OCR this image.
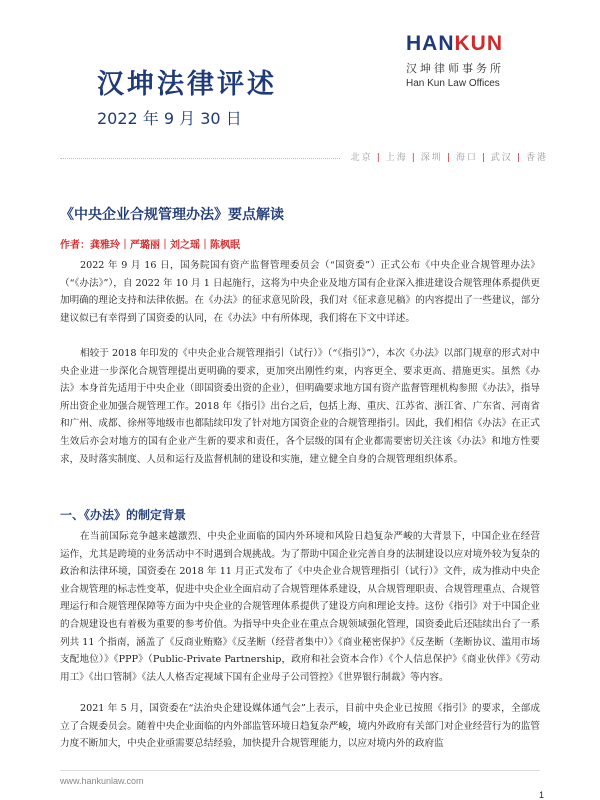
汉坤法律评述
2022 年 9 月 30 日
HANKUN
汉坤律师事务所
Han Kun Law Offices
北京 | 上海 | 深圳 | 海口 | 武汉 | 香港
《中央企业合规管理办法》要点解读
作者：龚雅玲｜严璐丽｜刘之瑶｜陈枫眠

2022 年 9 月 16 日，国务院国有资产监督管理委员会（“国资委”）正式公布《中央企业合规管理办法》（“《办法》”），自 2022 年 10 月 1 日起施行，这将为中央企业及地方国有企业深入推进建设合规管理体系提供更加明确的理论支持和法律依据。在《办法》的征求意见阶段，我们对《征求意见稿》的内容提出了一些建议，部分建议似已有幸得到了国资委的认同，在《办法》中有所体现，我们将在下文中详述。

相较于 2018 年印发的《中央企业合规管理指引（试行）》（“《指引》”），本次《办法》以部门规章的形式对中央企业进一步深化合规管理提出更明确的要求，更加突出刚性约束，内容更全、要求更高、措施更实。虽然《办法》本身首先适用于中央企业（即国资委出资的企业），但明确要求地方国有资产监督管理机构参照《办法》，指导所出资企业加强合规管理工作。2018 年《指引》出台之后，包括上海、重庆、江苏省、浙江省、广东省、河南省和广州、成都、徐州等地级市也都陆续印发了针对地方国资企业的合规管理指引。因此，我们相信《办法》在正式生效后亦会对地方的国有企业产生新的要求和责任，各个层级的国有企业都需要密切关注该《办法》和地方性要求，及时落实制度、人员和运行及监督机制的建设和实施，建立健全自身的合规管理组织体系。

一、《办法》的制定背景

在当前国际竞争越来越激烈、中央企业面临的国内外环境和风险日趋复杂严峻的大背景下，中国企业在经营运作，尤其是跨境的业务活动中不时遇到合规挑战。为了帮助中国企业完善自身的法制建设以应对境外较为复杂的政治和法律环境，国资委在 2018 年 11 月正式发布了《中央企业合规管理指引（试行）》文件，成为推动中央企业合规管理的标志性变革，促进中央企业全面启动了合规管理体系建设，从合规管理职责、合规管理重点、合规管理运行和合规管理保障等方面为中央企业的合规管理体系提供了建设方向和理论支持。这份《指引》对于中国企业的合规建设也有着极为重要的参考价值。为指导中央企业在重点合规领域强化管理，国资委此后还陆续出台了一系列共 11 个指南，涵盖了《反商业贿赂》《反垄断（经营者集中）》《商业秘密保护》《反垄断（垄断协议、滥用市场支配地位）》《PPP》（Public-Private Partnership，政府和社会资本合作）《个人信息保护》《商业伙伴》《劳动用工》《出口管制》《法人人格否定视域下国有企业母子公司管控》《世界银行制裁》等内容。

2021 年 5 月，国资委在“法治央企建设媒体通气会”上表示，目前中央企业已按照《指引》的要求，全部成立了合规委员会。随着中央企业面临的内外部监管环境日趋复杂严峻，境内外政府有关部门对企业经营行为的监管力度不断加大，中央企业亟需要总结经验，加快提升合规管理能力，以应对境内外的政府监

www.hankunlaw.com
1
